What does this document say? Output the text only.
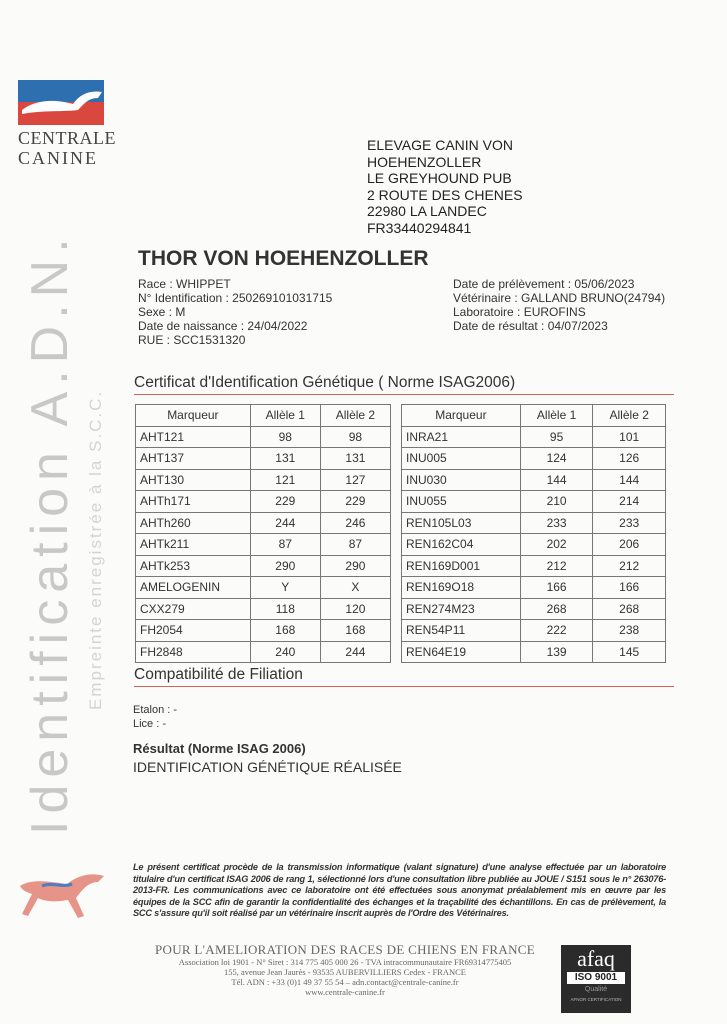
CENTRALE
CANINE
Identification A.D.N. Empreinte enregistrée à la S.C.C.
ELEVAGE CANIN VON
HOEHENZOLLER
LE GREYHOUND PUB
2 ROUTE DES CHENES
22980 LA LANDEC
FR33440294841
THOR VON HOEHENZOLLER
Race : WHIPPET
N° Identification : 250269101031715
Sexe : M
Date de naissance : 24/04/2022
RUE : SCC1531320
Date de prélèvement : 05/06/2023
Vétérinaire : GALLAND BRUNO(24794)
Laboratoire : EUROFINS
Date de résultat : 04/07/2023
Certificat d'Identification Génétique ( Norme ISAG2006)
Marqueur	Allèle 1	Allèle 2
AHT121	98	98
AHT137	131	131
AHT130	121	127
AHTh171	229	229
AHTh260	244	246
AHTk211	87	87
AHTk253	290	290
AMELOGENIN	Y	X
CXX279	118	120
FH2054	168	168
FH2848	240	244
Marqueur	Allèle 1	Allèle 2
INRA21	95	101
INU005	124	126
INU030	144	144
INU055	210	214
REN105L03	233	233
REN162C04	202	206
REN169D001	212	212
REN169O18	166	166
REN274M23	268	268
REN54P11	222	238
REN64E19	139	145
Compatibilité de Filiation
Etalon : -
Lice : -
Résultat (Norme ISAG 2006)
IDENTIFICATION GÉNÉTIQUE RÉALISÉE
Le présent certificat procède de la transmission informatique (valant signature) d'une analyse effectuée par un laboratoire titulaire d'un certificat ISAG 2006 de rang 1, sélectionné lors d'une consultation libre publiée au JOUE / S151 sous le n° 263076-2013-FR. Les communications avec ce laboratoire ont été effectuées sous anonymat préalablement mis en œuvre par les équipes de la SCC afin de garantir la confidentialité des échanges et la traçabilité des échantillons. En cas de prélèvement, la SCC s'assure qu'il soit réalisé par un vétérinaire inscrit auprès de l'Ordre des Vétérinaires.
POUR L'AMELIORATION DES RACES DE CHIENS EN FRANCE
Association loi 1901 - N° Siret : 314 775 405 000 26 - TVA intracommunautaire FR69314775405
155, avenue Jean Jaurès - 93535 AUBERVILLIERS Cedex - FRANCE
Tél. ADN : +33 (0)1 49 37 55 54 – adn.contact@centrale-canine.fr
www.centrale-canine.fr
afaq
ISO 9001
Qualité
AFNOR CERTIFICATION
